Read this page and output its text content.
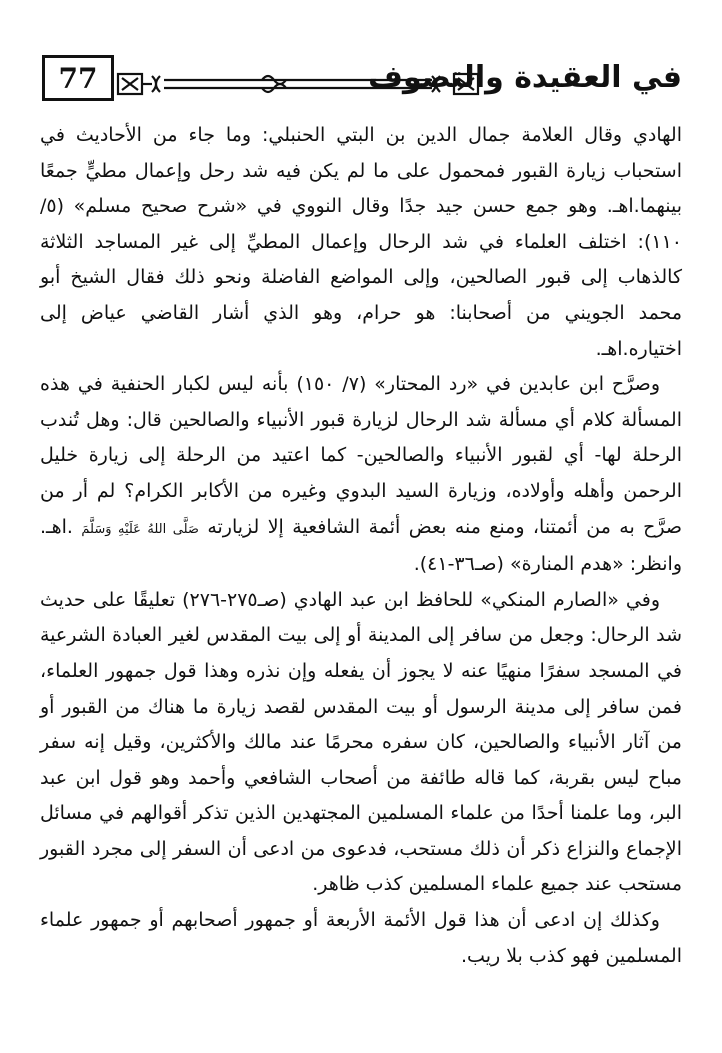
77	في العقيدة والتصوف

الهادي وقال العلامة جمال الدين بن البتي الحنبلي: وما جاء من الأحاديث في استحباب زيارة القبور فمحمول على ما لم يكن فيه شد رحل وإعمال مطيٍّ جمعًا بينهما.اهـ. وهو جمع حسن جيد جدًا وقال النووي في «شرح صحيح مسلم» (٥/ ١١٠): اختلف العلماء في شد الرحال وإعمال المطيِّ إلى غير المساجد الثلاثة كالذهاب إلى قبور الصالحين، وإلى المواضع الفاضلة ونحو ذلك فقال الشيخ أبو محمد الجويني من أصحابنا: هو حرام، وهو الذي أشار القاضي عياض إلى اختياره.اهـ.

وصرَّح ابن عابدين في «رد المحتار» (٧/ ١٥٠) بأنه ليس لكبار الحنفية في هذه المسألة كلام أي مسألة شد الرحال لزيارة قبور الأنبياء والصالحين قال: وهل تُندب الرحلة لها- أي لقبور الأنبياء والصالحين- كما اعتيد من الرحلة إلى زيارة خليل الرحمن وأهله وأولاده، وزيارة السيد البدوي وغيره من الأكابر الكرام؟ لم أر من صرَّح به من أئمتنا، ومنع منه بعض أئمة الشافعية إلا لزيارته صَلَّى اللهُ عَلَيْهِ وَسَلَّمَ .اهـ. وانظر: «هدم المنارة» (صـ٣٦-٤١).

وفي «الصارم المنكي» للحافظ ابن عبد الهادي (صـ٢٧٥-٢٧٦) تعليقًا على حديث شد الرحال: وجعل من سافر إلى المدينة أو إلى بيت المقدس لغير العبادة الشرعية في المسجد سفرًا منهيًا عنه لا يجوز أن يفعله وإن نذره وهذا قول جمهور العلماء، فمن سافر إلى مدينة الرسول أو بيت المقدس لقصد زيارة ما هناك من القبور أو من آثار الأنبياء والصالحين، كان سفره محرمًا عند مالك والأكثرين، وقيل إنه سفر مباح ليس بقربة، كما قاله طائفة من أصحاب الشافعي وأحمد وهو قول ابن عبد البر، وما علمنا أحدًا من علماء المسلمين المجتهدين الذين تذكر أقوالهم في مسائل الإجماع والنزاع ذكر أن ذلك مستحب، فدعوى من ادعى أن السفر إلى مجرد القبور مستحب عند جميع علماء المسلمين كذب ظاهر.

وكذلك إن ادعى أن هذا قول الأئمة الأربعة أو جمهور أصحابهم أو جمهور علماء المسلمين فهو كذب بلا ريب.
